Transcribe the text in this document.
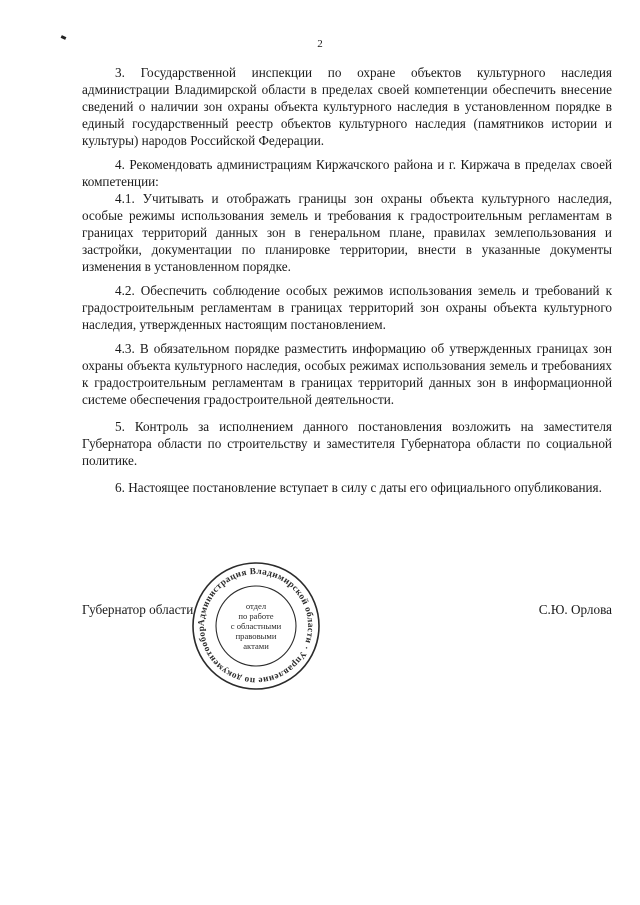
2

3. Государственной инспекции по охране объектов культурного наследия администрации Владимирской области в пределах своей компетенции обеспечить внесение сведений о наличии зон охраны объекта культурного наследия в установленном порядке в единый государственный реестр объектов культурного наследия (памятников истории и культуры) народов Российской Федерации.

4. Рекомендовать администрациям Киржачского района и г. Киржача в пределах своей компетенции:

4.1. Учитывать и отображать границы зон охраны объекта культурного наследия, особые режимы использования земель и требования к градостроительным регламентам в границах территорий данных зон в генеральном плане, правилах землепользования и застройки, документации по планировке территории, внести в указанные документы изменения в установленном порядке.

4.2. Обеспечить соблюдение особых режимов использования земель и требований к градостроительным регламентам в границах территорий зон охраны объекта культурного наследия, утвержденных настоящим постановлением.

4.3. В обязательном порядке разместить информацию об утвержденных границах зон охраны объекта культурного наследия, особых режимах использования земель и требованиях к градостроительным регламентам в границах территорий данных зон в информационной системе обеспечения градостроительной деятельности.

5. Контроль за исполнением данного постановления возложить на заместителя Губернатора области по строительству и заместителя Губернатора области по социальной политике.

6. Настоящее постановление вступает в силу с даты его официального опубликования.

Губернатор области	С.Ю. Орлова
Администрация Владимирской области · Управление по документообороту
отдел
по работе
с областными
правовыми
актами
